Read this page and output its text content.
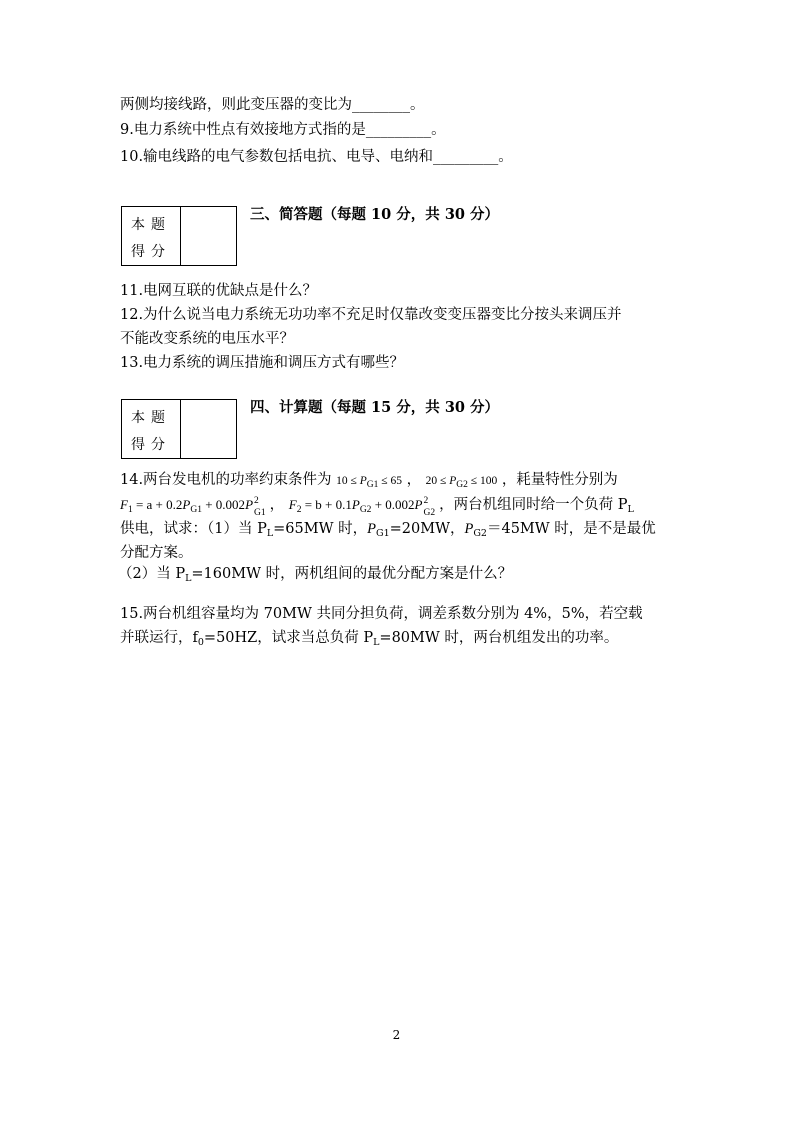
两侧均接线路，则此变压器的变比为________。
9.电力系统中性点有效接地方式指的是_________。
10.输电线路的电气参数包括电抗、电导、电纳和_________。
本题
得分
三、简答题（每题 10 分，共 30 分）
11.电网互联的优缺点是什么？
12.为什么说当电力系统无功功率不充足时仅靠改变变压器变比分按头来调压并
不能改变系统的电压水平？
13.电力系统的调压措施和调压方式有哪些？
本题
得分
四、计算题（每题 15 分，共 30 分）
14.两台发电机的功率约束条件为 $10 \le P_{G1} \le 65$ ， $20 \le P_{G2} \le 100$ ，耗量特性分别为
$F_1 = a + 0.2P_{G1} + 0.002P$ 2
G1 ， $F_2 = b + 0.1P_{G2} + 0.002P$ 2
G2 ，两台机组同时给一个负荷 $P_L$
供电，试求：（1）当 $P_L=65MW$ 时，$P_{G1}=20MW$，$P_{G2}=45MW$ 时，是不是最优
分配方案。
（2）当 $P_L=160MW$ 时，两机组间的最优分配方案是什么？
15.两台机组容量均为 70MW 共同分担负荷，调差系数分别为 4%，5%，若空载
并联运行，$f_0=50HZ$，试求当总负荷 $P_L=80MW$ 时，两台机组发出的功率。
2
